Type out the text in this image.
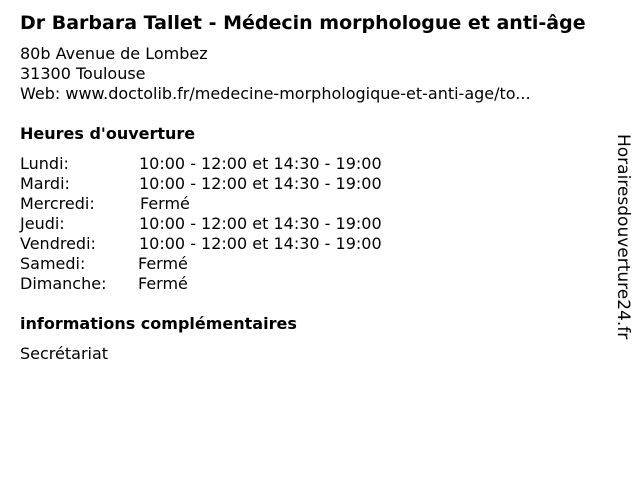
Dr Barbara Tallet - Médecin morphologue et anti-âge
80b Avenue de Lombez
31300 Toulouse
Web: www.doctolib.fr/medecine-morphologique-et-anti-age/to...
Heures d'ouverture
Lundi:	10:00 - 12:00 et 14:30 - 19:00
Mardi:	10:00 - 12:00 et 14:30 - 19:00
Mercredi:	Fermé
Jeudi:	10:00 - 12:00 et 14:30 - 19:00
Vendredi:	10:00 - 12:00 et 14:30 - 19:00
Samedi:	Fermé
Dimanche: Fermé
informations complémentaires
Secrétariat
Horairesdouverture24.fr
